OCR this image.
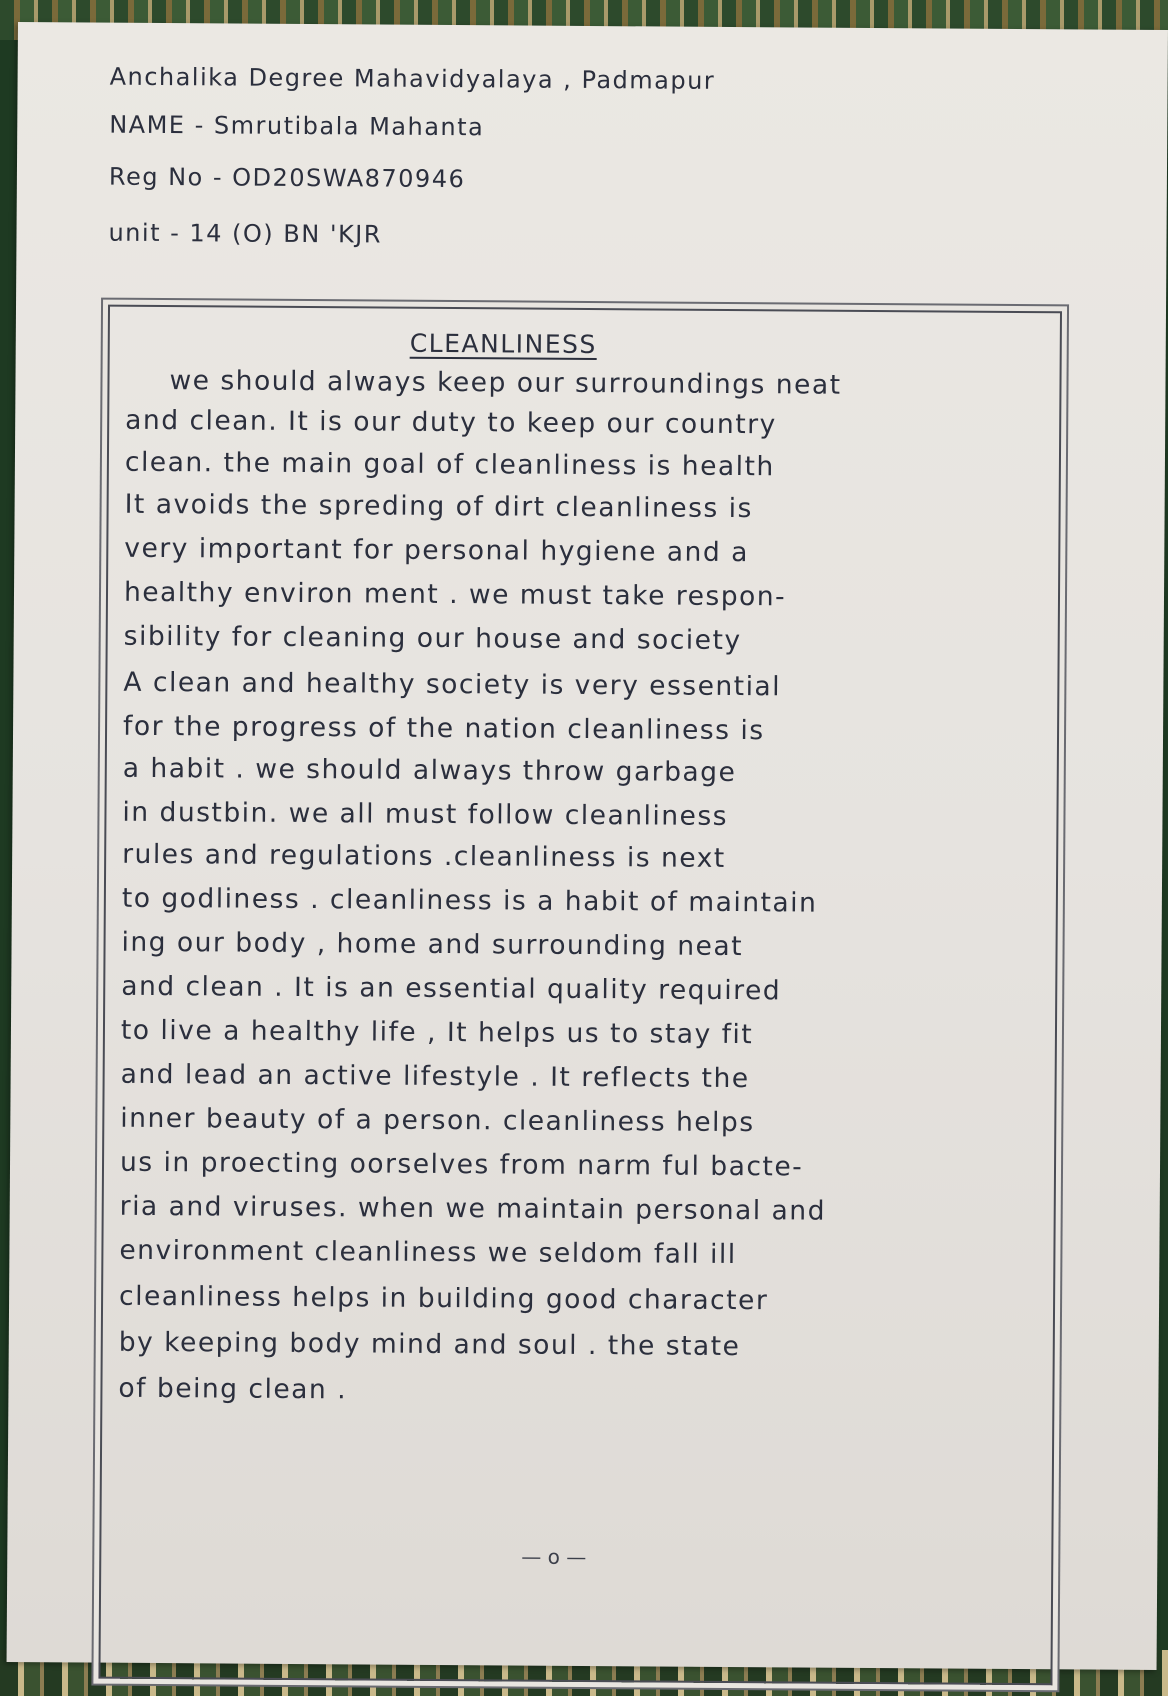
Anchalika Degree Mahavidyalaya , Padmapur
NAME - Smrutibala Mahanta
Reg No - OD20SWA870946
unit - 14 (O) BN 'KJR
CLEANLINESS
we should always keep our surroundings neat
and clean. It is our duty to keep our country
clean. the main goal of cleanliness is health
It avoids the spreding of dirt cleanliness is
very important for personal hygiene and a
healthy environ ment . we must take respon-
sibility for cleaning our house and society
A clean and healthy society is very essential
for the progress of the nation cleanliness is
a habit . we should always throw garbage
in dustbin. we all must follow cleanliness
rules and regulations .cleanliness is next
to godliness . cleanliness is a habit of maintain
ing our body , home and surrounding neat
and clean . It is an essential quality required
to live a healthy life , It helps us to stay fit
and lead an active lifestyle . It reflects the
inner beauty of a person. cleanliness helps
us in proecting oorselves from narm ful bacte-
ria and viruses. when we maintain personal and
environment cleanliness we seldom fall ill
cleanliness helps in building good character
by keeping body mind and soul . the state
of being clean .
— o —
